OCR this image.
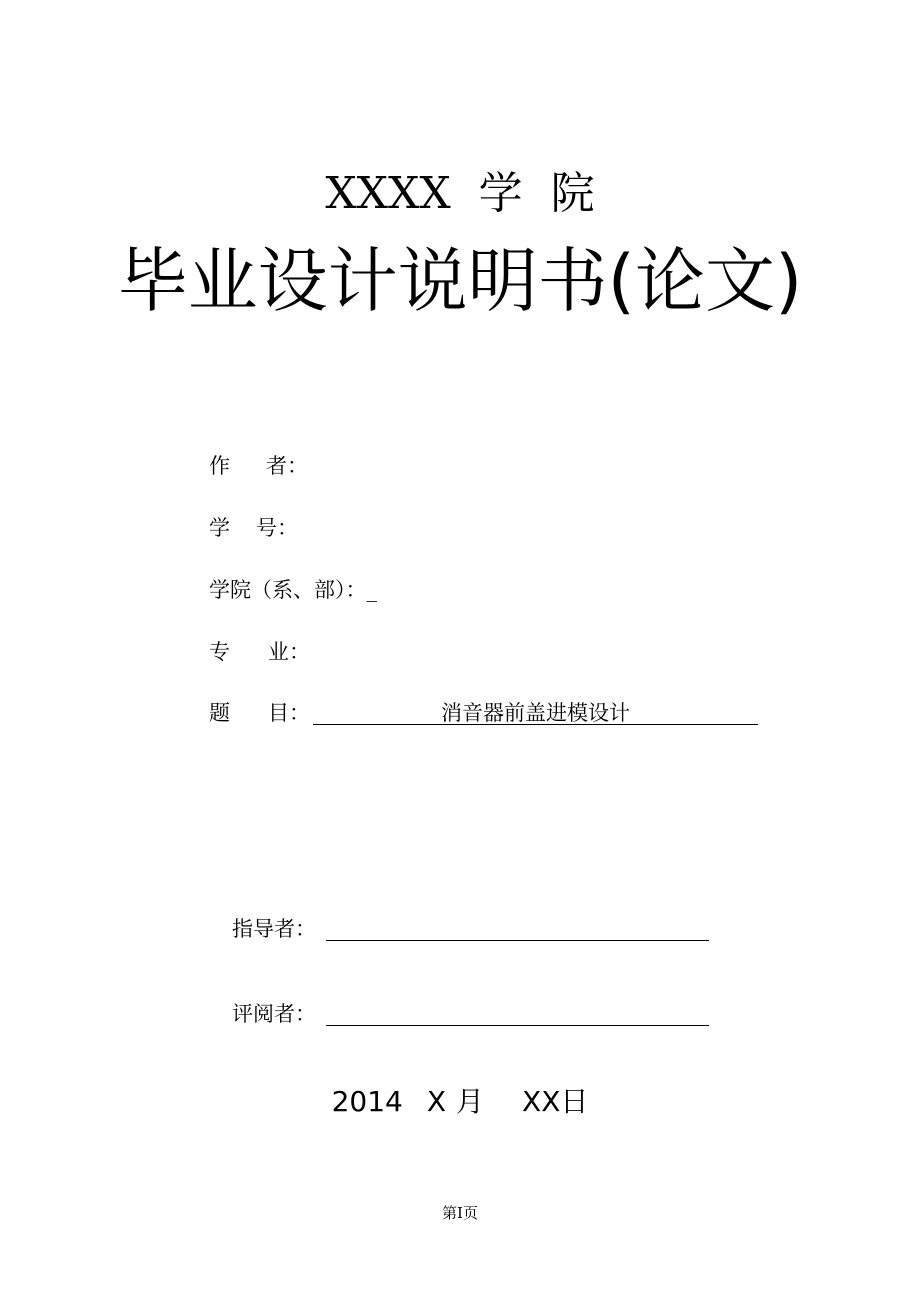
XXXX 学 院
毕业设计说明书(论文)
作 者：
学 号：
学院（系、部）：_
专 业：
题 目：	消音器前盖进模设计
指导者：
评阅者：
2014 X 月 XX日
第I页
